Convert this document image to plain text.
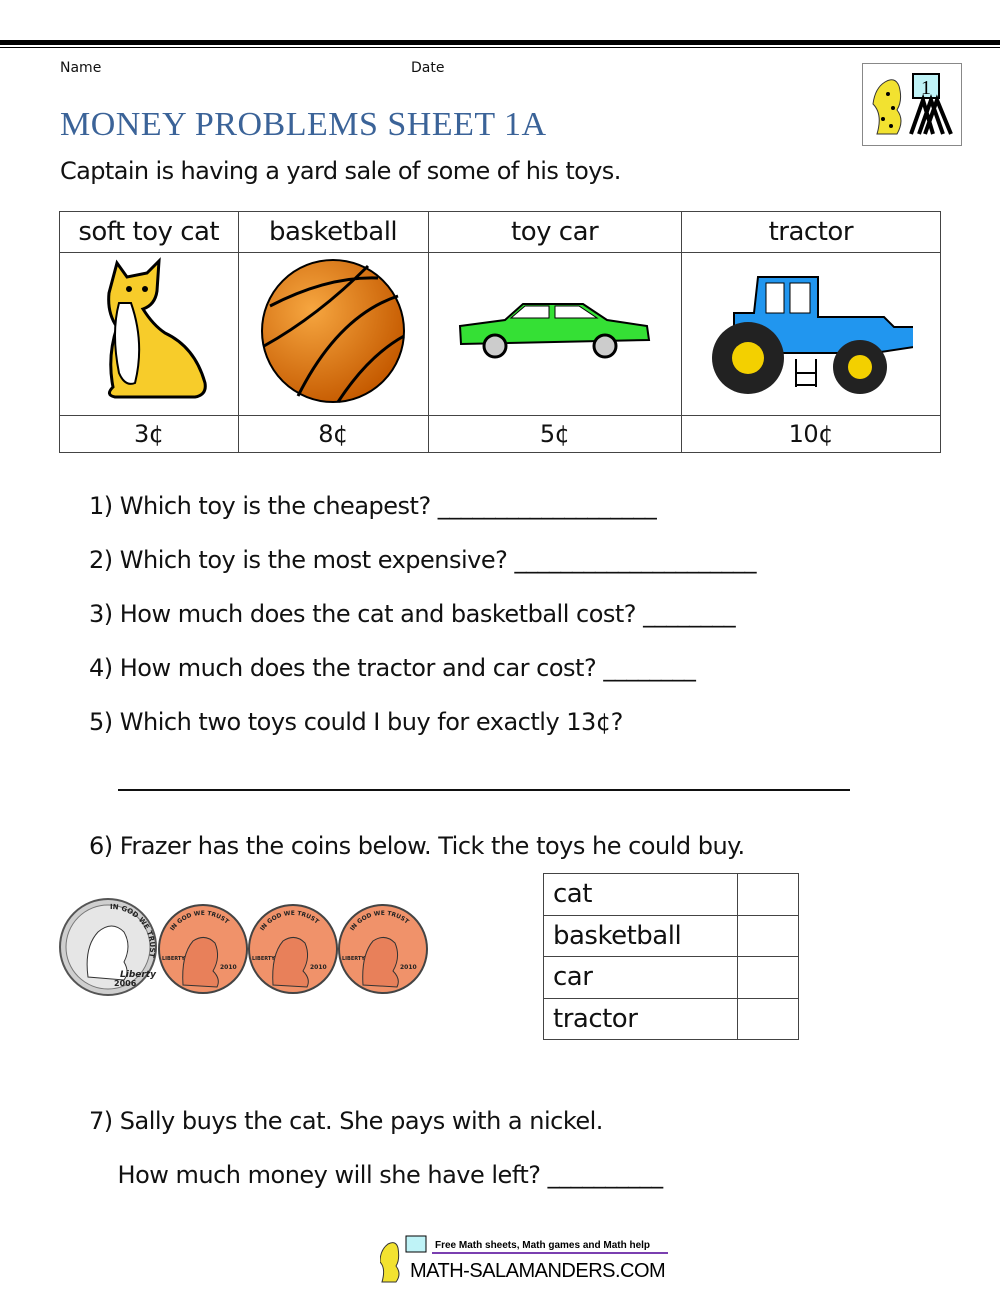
Name	Date
MONEY PROBLEMS SHEET 1A
Captain is having a yard sale of some of his toys.
1
soft toy cat	basketball	toy car	tractor

3¢	8¢	5¢	10¢
1) Which toy is the cheapest? ___________________
2) Which toy is the most expensive? _____________________
3) How much does the cat and basketball cost? ________
4) How much does the tractor and car cost? ________
5) Which two toys could I buy for exactly 13¢?
6) Frazer has the coins below. Tick the toys he could buy.
IN GOD WE TRUST
Liberty
2006
IN GOD WE TRUST
LIBERTY
2010
IN GOD WE TRUST
LIBERTY
2010
IN GOD WE TRUST
LIBERTY
2010
cat	
basketball	
car	
tractor	
7) Sally buys the cat. She pays with a nickel.
How much money will she have left? __________
Free Math sheets, Math games and Math help
MATH-SALAMANDERS.COM
